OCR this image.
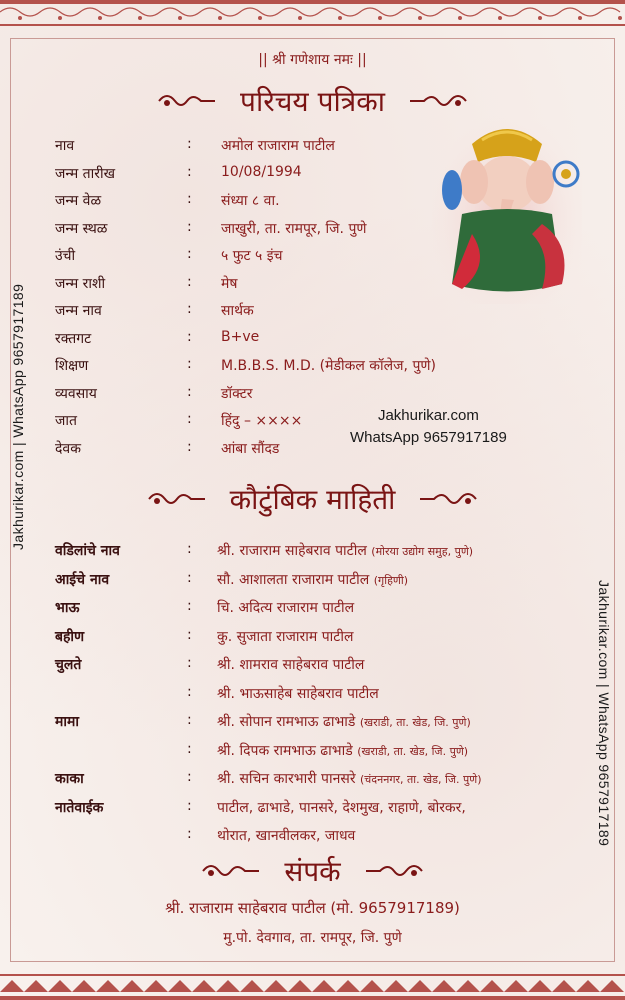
Jakhurikar.com | WhatsApp 9657917189
Jakhurikar.com | WhatsApp 9657917189
|| श्री गणेशाय नमः ||
परिचय पत्रिका
नाव	: अमोल राजाराम पाटील
जन्म तारीख	: 10/08/1994
जन्म वेळ	: संध्या ८ वा.
जन्म स्थळ	: जाखुरी, ता. रामपूर, जि. पुणे
उंची	: ५ फुट ५ इंच
जन्म राशी	: मेष
जन्म नाव	: सार्थक
रक्तगट	: B+ve
शिक्षण	: M.B.B.S. M.D. (मेडीकल कॉलेज, पुणे)
व्यवसाय	: डॉक्टर
जात	: हिंदु – ××××
देवक	: आंबा सौंदड
Jakhurikar.com
WhatsApp 9657917189
कौटुंबिक माहिती
वडिलांचे नाव	: श्री. राजाराम साहेबराव पाटील (मोरया उद्योग समुह, पुणे)
आईचे नाव	: सौ. आशालता राजाराम पाटील (गृहिणी)
भाऊ	: चि. अदित्य राजाराम पाटील
बहीण	: कु. सुजाता राजाराम पाटील
चुलते	: श्री. शामराव साहेबराव पाटील
: श्री. भाऊसाहेब साहेबराव पाटील
मामा	: श्री. सोपान रामभाऊ ढाभाडे (खराडी, ता. खेड, जि. पुणे)
: श्री. दिपक रामभाऊ ढाभाडे (खराडी, ता. खेड, जि. पुणे)
काका	: श्री. सचिन कारभारी पानसरे (चंदननगर, ता. खेड, जि. पुणे)
नातेवाईक	: पाटील, ढाभाडे, पानसरे, देशमुख, राहाणे, बोरकर,
: थोरात, खानवीलकर, जाधव
संपर्क
श्री. राजाराम साहेबराव पाटील (मो. 9657917189)
मु.पो. देवगाव, ता. रामपूर, जि. पुणे
